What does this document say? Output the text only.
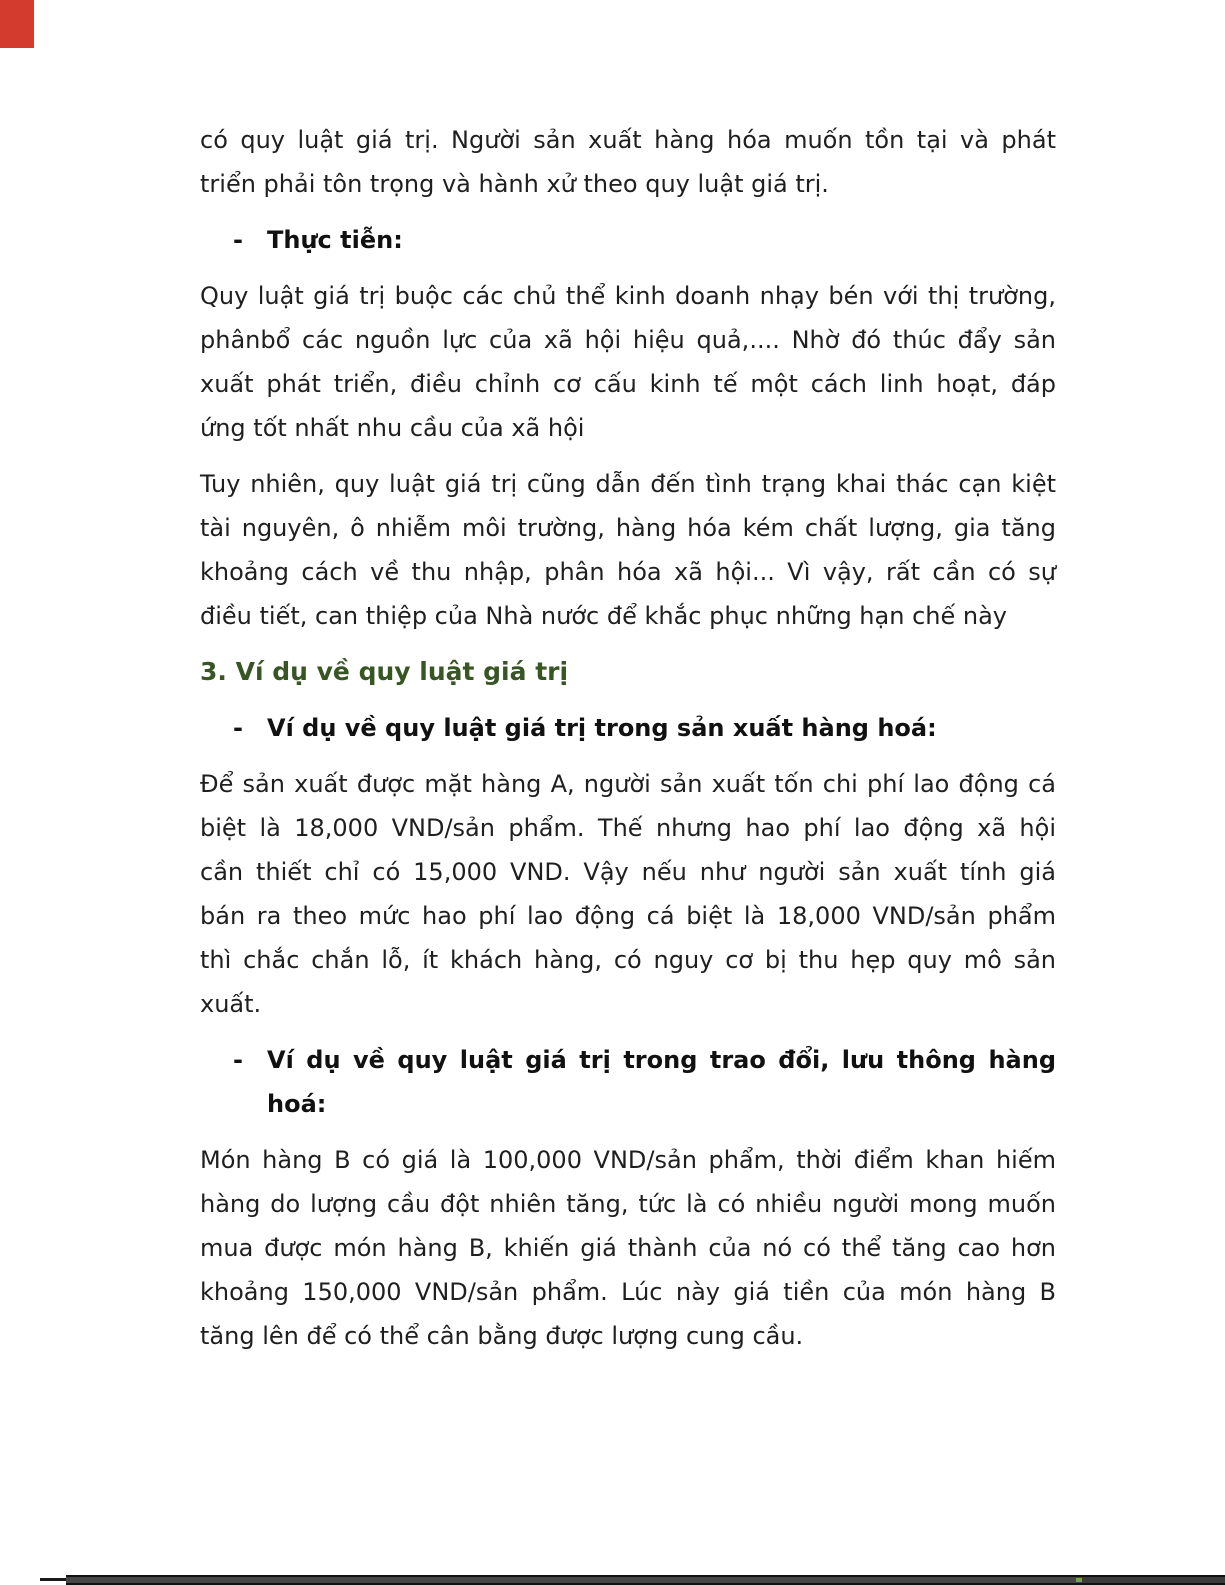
có quy luật giá trị. Người sản xuất hàng hóa muốn tồn tại và phát
triển phải tôn trọng và hành xử theo quy luật giá trị.
-	Thực tiễn:
Quy luật giá trị buộc các chủ thể kinh doanh nhạy bén với thị trường,
phânbổ các nguồn lực của xã hội hiệu quả,.... Nhờ đó thúc đẩy sản
xuất phát triển, điều chỉnh cơ cấu kinh tế một cách linh hoạt, đáp
ứng tốt nhất nhu cầu của xã hội
Tuy nhiên, quy luật giá trị cũng dẫn đến tình trạng khai thác cạn kiệt
tài nguyên, ô nhiễm môi trường, hàng hóa kém chất lượng, gia tăng
khoảng cách về thu nhập, phân hóa xã hội... Vì vậy, rất cần có sự
điều tiết, can thiệp của Nhà nước để khắc phục những hạn chế này
3. Ví dụ về quy luật giá trị
-	Ví dụ về quy luật giá trị trong sản xuất hàng hoá:
Để sản xuất được mặt hàng A, người sản xuất tốn chi phí lao động cá
biệt là 18,000 VND/sản phẩm. Thế nhưng hao phí lao động xã hội
cần thiết chỉ có 15,000 VND. Vậy nếu như người sản xuất tính giá
bán ra theo mức hao phí lao động cá biệt là 18,000 VND/sản phẩm
thì chắc chắn lỗ, ít khách hàng, có nguy cơ bị thu hẹp quy mô sản
xuất.
-	Ví dụ về quy luật giá trị trong trao đổi, lưu thông hàng
hoá:
Món hàng B có giá là 100,000 VND/sản phẩm, thời điểm khan hiếm
hàng do lượng cầu đột nhiên tăng, tức là có nhiều người mong muốn
mua được món hàng B, khiến giá thành của nó có thể tăng cao hơn
khoảng 150,000 VND/sản phẩm. Lúc này giá tiền của món hàng B
tăng lên để có thể cân bằng được lượng cung cầu.
